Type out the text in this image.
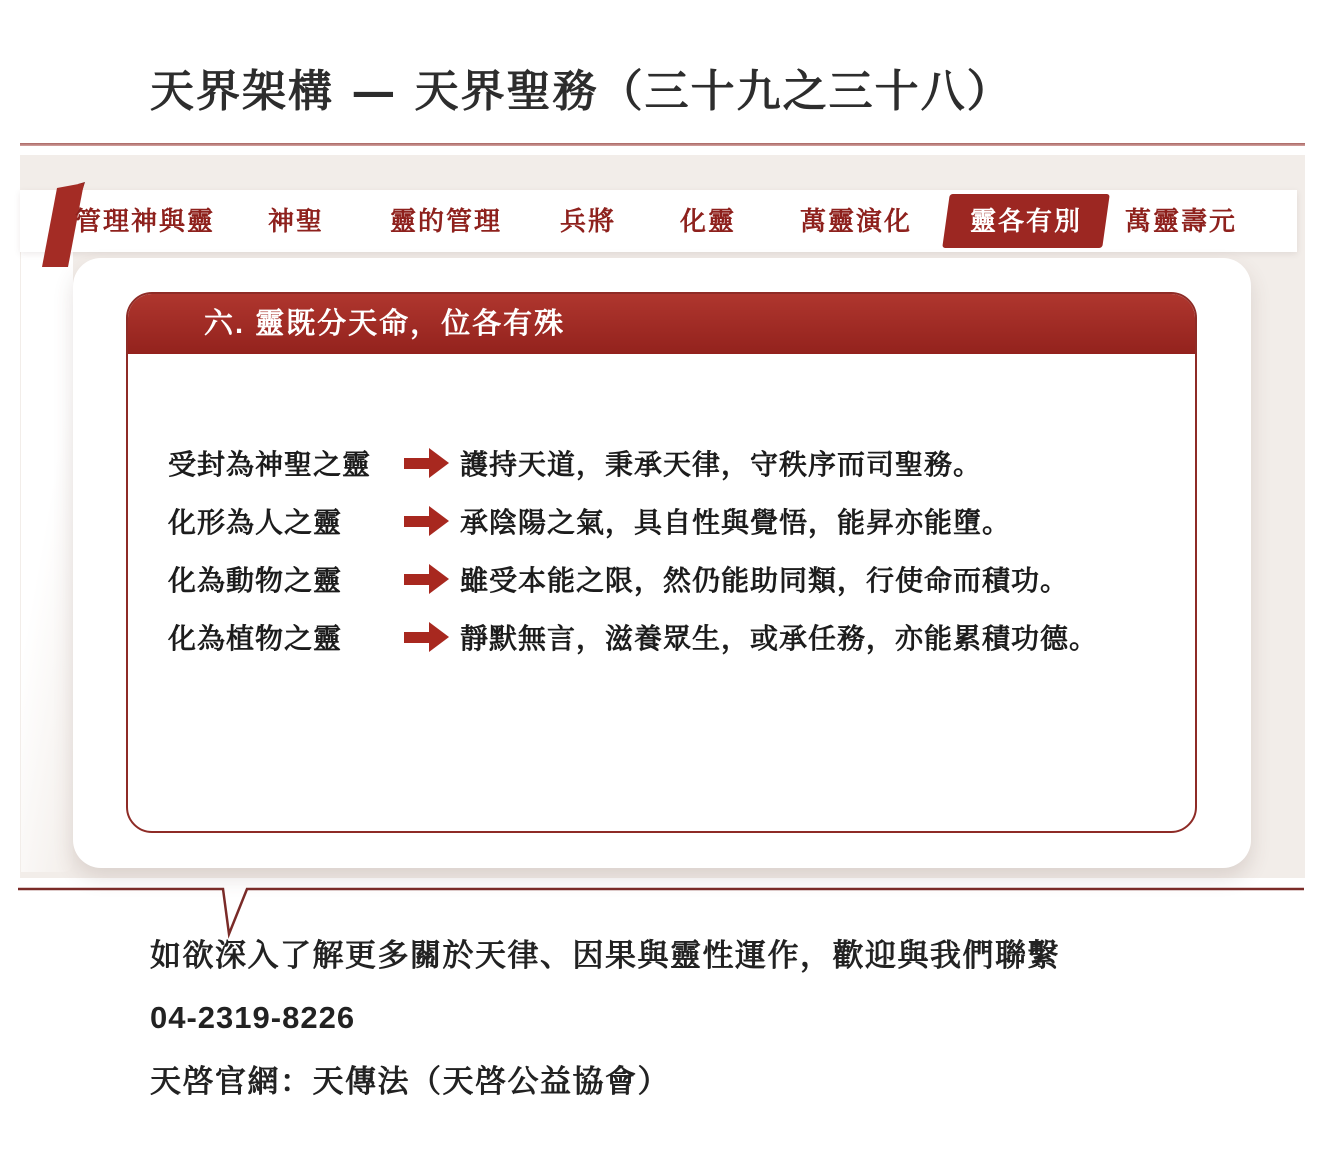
天界架構 — 天界聖務（三十九之三十八）
管理神與靈 神聖	靈的管理 兵將 化靈 萬靈演化	靈各有別	萬靈壽元
六. 靈既分天命，位各有殊
受封為神聖之靈	護持天道，秉承天律，守秩序而司聖務。
化形為人之靈	承陰陽之氣，具自性與覺悟，能昇亦能墮。
化為動物之靈	雖受本能之限，然仍能助同類，行使命而積功。
化為植物之靈	靜默無言，滋養眾生，或承任務，亦能累積功德。

如欲深入了解更多關於天律、因果與靈性運作，歡迎與我們聯繫

04-2319-8226

天啓官網：天傳法（天啓公益協會）
